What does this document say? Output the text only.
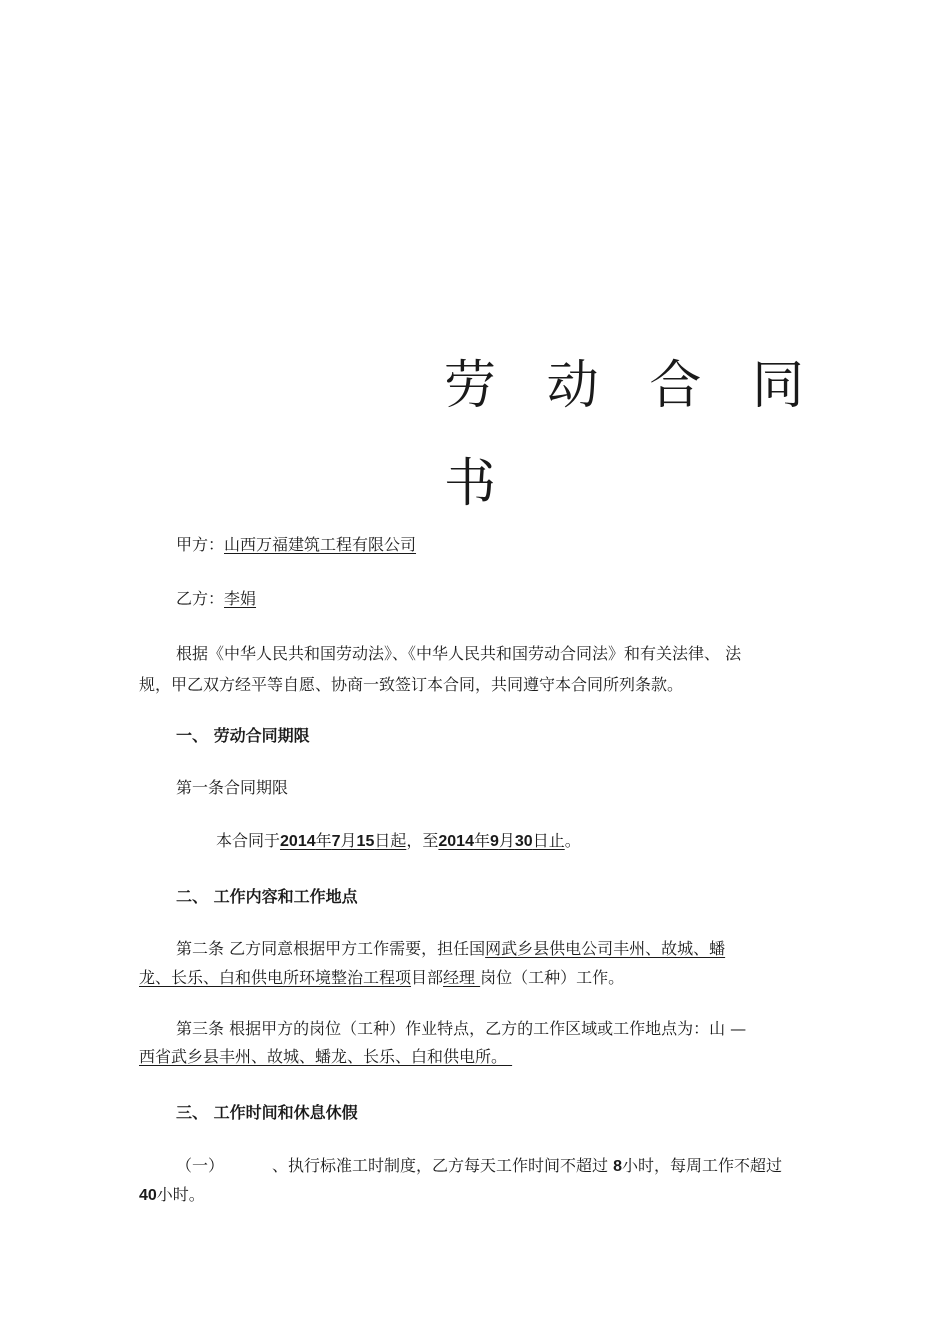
劳 动 合 同
书
甲方：山西万福建筑工程有限公司
乙方：李娟
根据《中华人民共和国劳动法》、《中华人民共和国劳动合同法》和有关法律、 法
规，甲乙双方经平等自愿、协商一致签订本合同，共同遵守本合同所列条款。
一、 劳动合同期限
第一条合同期限
本合同于2014年7月15日起，至2014年9月30日止。
二、 工作内容和工作地点
第二条 乙方同意根据甲方工作需要，担任国网武乡县供电公司丰州、故城、蟠
龙、长乐、白和供电所环境整治工程项目部经理 岗位（工种）工作。
第三条 根据甲方的岗位（工种）作业特点，乙方的工作区域或工作地点为：山 —
西省武乡县丰州、故城、蟠龙、长乐、白和供电所。
三、 工作时间和休息休假
（一）	、执行标准工时制度，乙方每天工作时间不超过 8小时，每周工作不超过
40小时。
